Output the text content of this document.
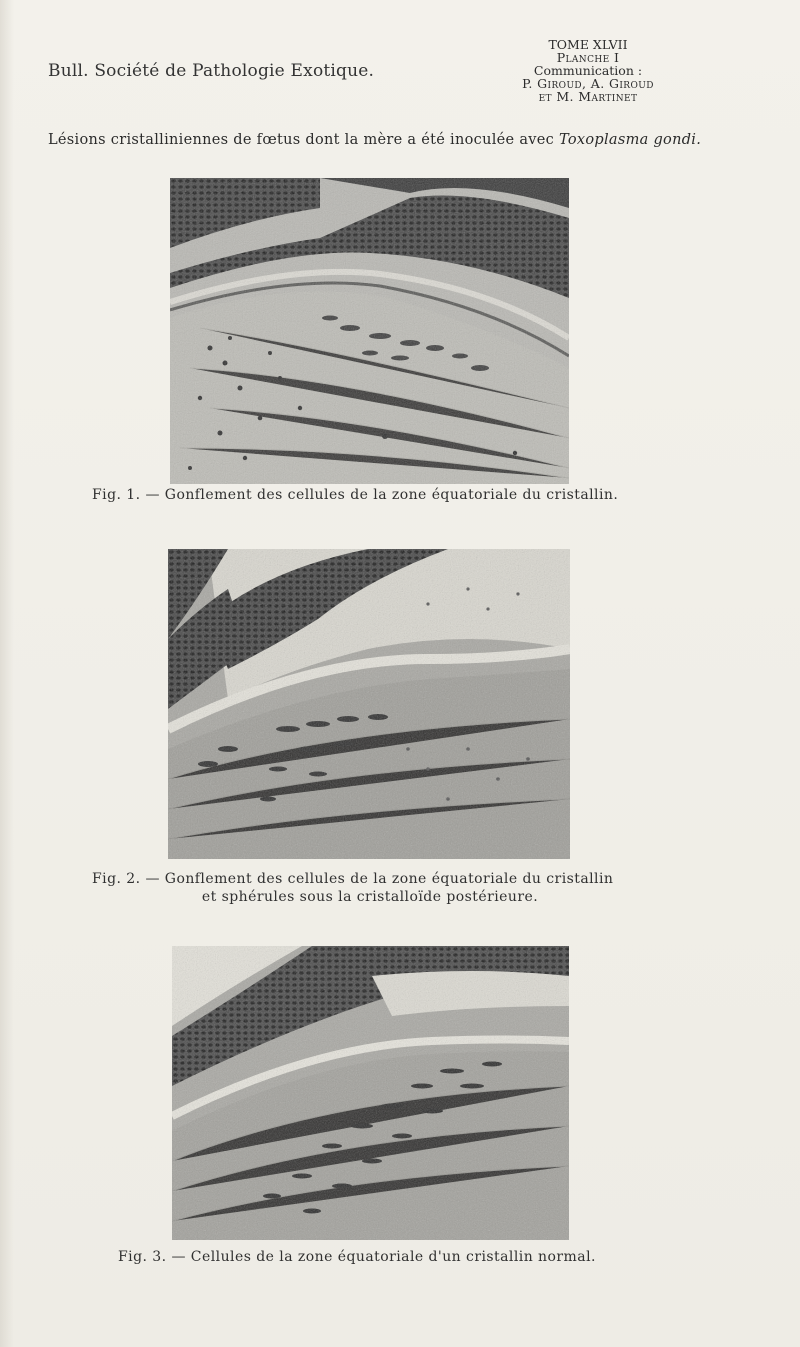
Bull. Société de Pathologie Exotique.
TOME XLVII
Planche I
Communication :
P. Giroud, A. Giroud
et M. Martinet
Lésions cristalliniennes de fœtus dont la mère a été inoculée avec Toxoplasma gondi.
Fig. 1. — Gonflement des cellules de la zone équatoriale du cristallin.
Fig. 2. — Gonflement des cellules de la zone équatoriale du cristallin
et sphérules sous la cristalloïde postérieure.
Fig. 3. — Cellules de la zone équatoriale d'un cristallin normal.
